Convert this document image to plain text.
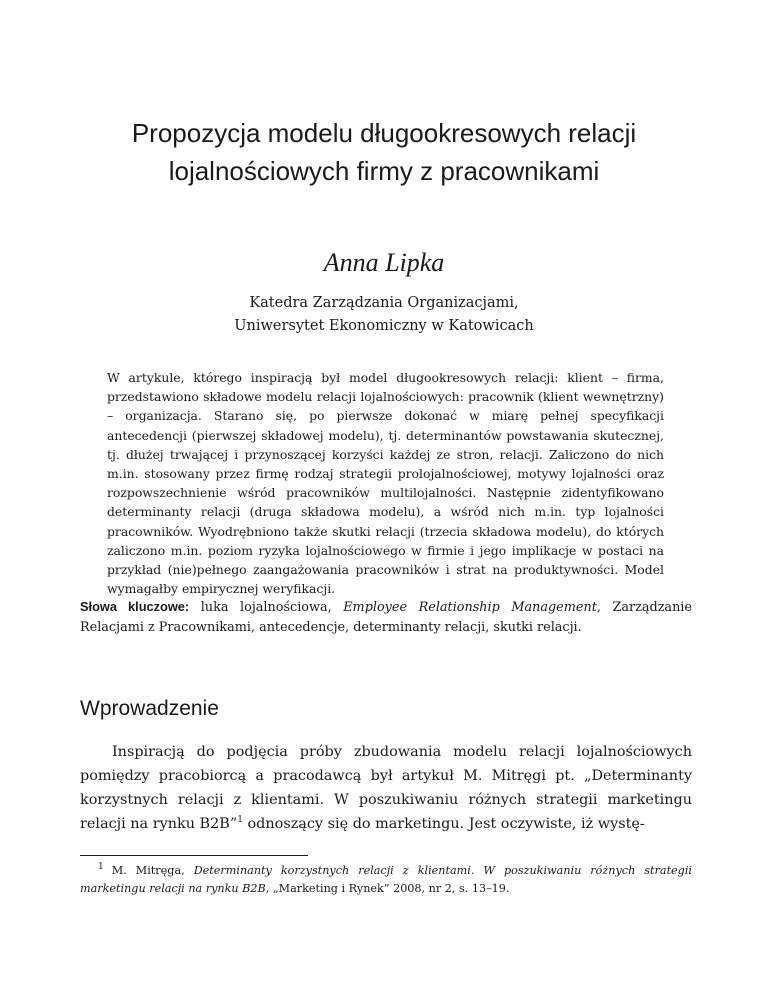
Propozycja modelu długookresowych relacji
lojalnościowych firmy z pracownikami
Anna Lipka
Katedra Zarządzania Organizacjami,
Uniwersytet Ekonomiczny w Katowicach
W artykule, którego inspiracją był model długookresowych relacji: klient – firma, przedstawiono składowe modelu relacji lojalnościowych: pracownik (klient wewnętrzny) – organizacja. Starano się, po pierwsze dokonać w miarę pełnej specyfikacji antecedencji (pierwszej składowej modelu), tj. determinantów powstawania skutecznej, tj. dłużej trwającej i przynoszącej korzyści każdej ze stron, relacji. Zaliczono do nich m.in. stosowany przez firmę rodzaj strategii prolojalnościowej, motywy lojalności oraz rozpowszechnienie wśród pracowników multilojalności. Następnie zidentyfikowano determinanty relacji (druga składowa modelu), a wśród nich m.in. typ lojalności pracowników. Wyodrębniono także skutki relacji (trzecia składowa modelu), do których zaliczono m.in. poziom ryzyka lojalnościowego w firmie i jego implikacje w postaci na przykład (nie)pełnego zaangażowania pracowników i strat na produktywności. Model wymagałby empirycznej weryfikacji.
Słowa kluczowe: luka lojalnościowa, Employee Relationship Management, Zarządzanie Relacjami z Pracownikami, antecedencje, determinanty relacji, skutki relacji.
Wprowadzenie

Inspiracją do podjęcia próby zbudowania modelu relacji lojalnościowych pomiędzy pracobiorcą a pracodawcą był artykuł M. Mitręgi pt. „Determinanty korzystnych relacji z klientami. W poszukiwaniu różnych strategii marketingu relacji na rynku B2B”$^1$ odnoszący się do marketingu. Jest oczywiste, iż wystę-

$^1$ M. Mitręga, Determinanty korzystnych relacji z klientami. W poszukiwaniu różnych strategii marketingu relacji na rynku B2B, „Marketing i Rynek” 2008, nr 2, s. 13–19.
